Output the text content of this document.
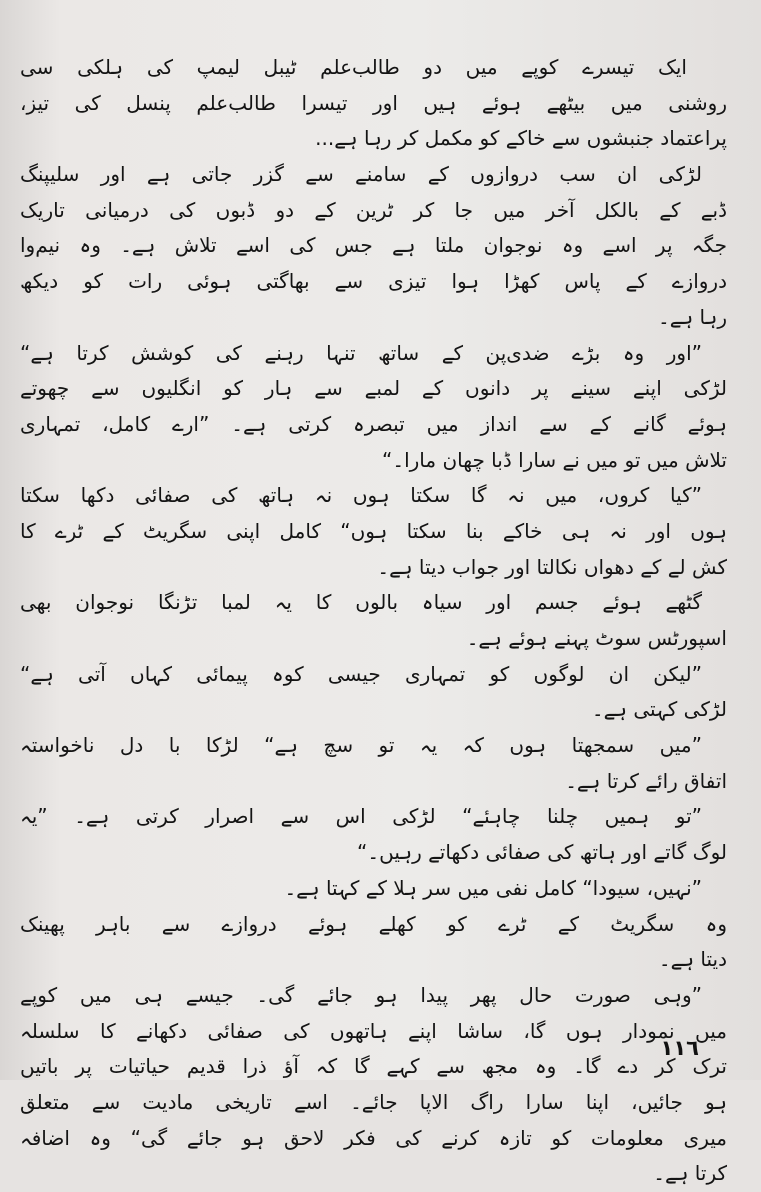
ایک تیسرے کوپے میں دو طالب‌علم ٹیبل لیمپ کی ہلکی سی
روشنی میں بیٹھے ہوئے ہیں اور تیسرا طالب‌علم پنسل کی تیز،
پراعتماد جنبشوں سے خاکے کو مکمل کر رہا ہے...
لڑکی ان سب دروازوں کے سامنے سے گزر جاتی ہے اور سلیپنگ
ڈبے کے بالکل آخر میں جا کر ٹرین کے دو ڈبوں کی درمیانی تاریک
جگہ پر اسے وہ نوجوان ملتا ہے جس کی اسے تلاش ہے۔ وہ نیم‌وا
دروازے کے پاس کھڑا ہوا تیزی سے بھاگتی ہوئی رات کو دیکھ
رہا ہے۔
”اور وہ بڑے ضدی‌پن کے ساتھ تنہا رہنے کی کوشش کرتا ہے“
لڑکی اپنے سینے پر دانوں کے لمبے سے ہار کو انگلیوں سے چھوتے
ہوئے گانے کے سے انداز میں تبصرہ کرتی ہے۔ ”ارے کامل، تمہاری
تلاش میں تو میں نے سارا ڈبا چھان مارا۔“
”کیا کروں، میں نہ گا سکتا ہوں نہ ہاتھ کی صفائی دکھا سکتا
ہوں اور نہ ہی خاکے بنا سکتا ہوں“ کامل اپنی سگریٹ کے ٹرے کا
کش لے کے دھواں نکالتا اور جواب دیتا ہے۔
گٹھے ہوئے جسم اور سیاہ بالوں کا یہ لمبا تڑنگا نوجوان بھی
اسپورٹس سوٹ پہنے ہوئے ہے۔
”لیکن ان لوگوں کو تمہاری جیسی کوہ پیمائی کہاں آتی ہے“
لڑکی کہتی ہے۔
”میں سمجھتا ہوں کہ یہ تو سچ ہے“ لڑکا با دل ناخواستہ
اتفاق رائے کرتا ہے۔
”تو ہمیں چلنا چاہئے“ لڑکی اس سے اصرار کرتی ہے۔ ”یہ
لوگ گاتے اور ہاتھ کی صفائی دکھاتے رہیں۔“
”نہیں، سیودا“ کامل نفی میں سر ہلا کے کہتا ہے۔
وہ سگریٹ کے ٹرے کو کھلے ہوئے دروازے سے باہر پھینک
دیتا ہے۔
”وہی صورت حال پھر پیدا ہو جائے گی۔ جیسے ہی میں کوپے
میں نمودار ہوں گا، ساشا اپنے ہاتھوں کی صفائی دکھانے کا سلسلہ
ترک کر دے گا۔ وہ مجھ سے کہے گا کہ آؤ ذرا قدیم حیاتیات پر باتیں
ہو جائیں، اپنا سارا راگ الاپا جائے۔ اسے تاریخی مادیت سے متعلق
میری معلومات کو تازہ کرنے کی فکر لاحق ہو جائے گی“ وہ اضافہ
کرتا ہے۔
١١٦
